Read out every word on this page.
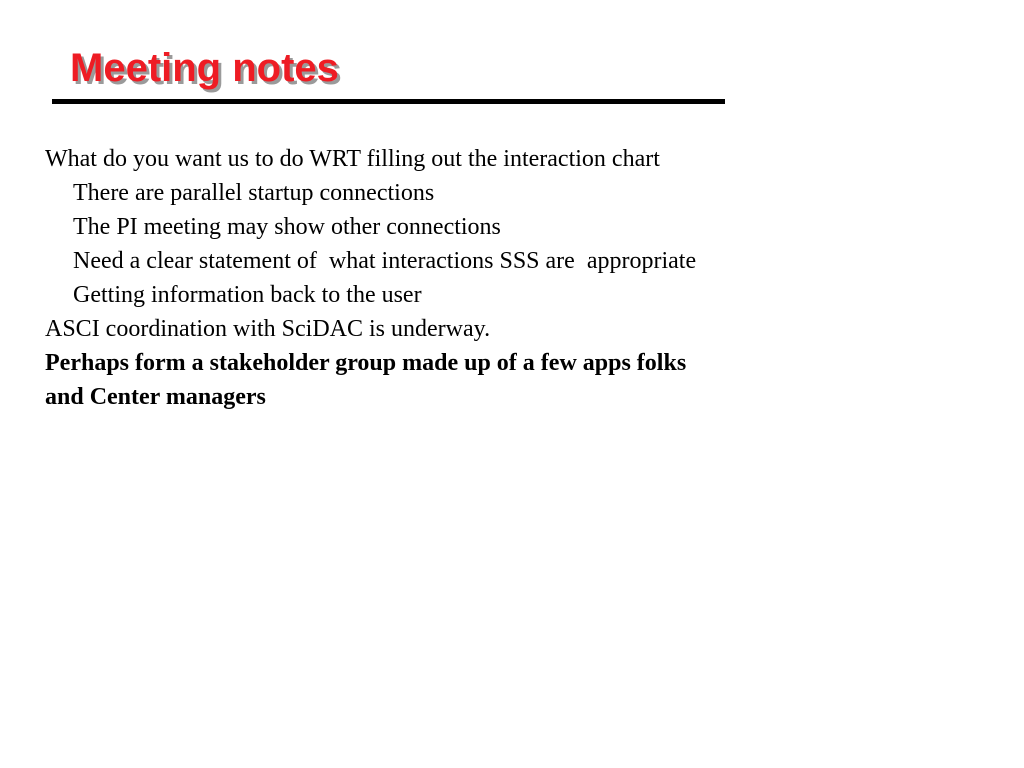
Meeting notes
What do you want us to do WRT filling out the interaction chart
There are parallel startup connections
The PI meeting may show other connections
Need a clear statement of  what interactions SSS are  appropriate
Getting information back to the user
ASCI coordination with SciDAC is underway.
Perhaps form a stakeholder group made up of a few apps folks
and Center managers
